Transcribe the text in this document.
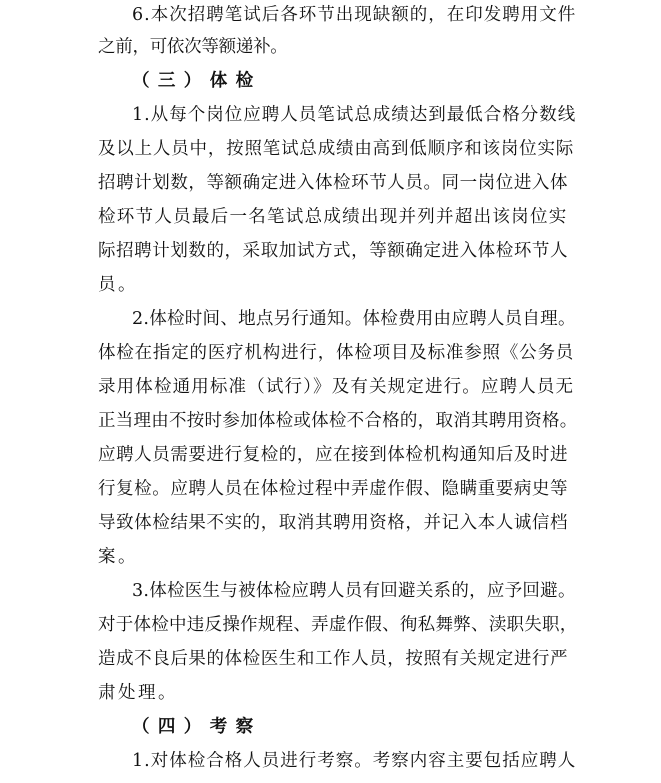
6.本次招聘笔试后各环节出现缺额的，在印发聘用文件
之前，可依次等额递补。
（三）体检
1.从每个岗位应聘人员笔试总成绩达到最低合格分数线
及以上人员中，按照笔试总成绩由高到低顺序和该岗位实际
招聘计划数，等额确定进入体检环节人员。同一岗位进入体
检环节人员最后一名笔试总成绩出现并列并超出该岗位实
际招聘计划数的，采取加试方式，等额确定进入体检环节人
员。
2.体检时间、地点另行通知。体检费用由应聘人员自理。
体检在指定的医疗机构进行，体检项目及标准参照《公务员
录用体检通用标准（试行）》及有关规定进行。应聘人员无
正当理由不按时参加体检或体检不合格的，取消其聘用资格。
应聘人员需要进行复检的，应在接到体检机构通知后及时进
行复检。应聘人员在体检过程中弄虚作假、隐瞒重要病史等
导致体检结果不实的，取消其聘用资格，并记入本人诚信档
案。
3.体检医生与被体检应聘人员有回避关系的，应予回避。
对于体检中违反操作规程、弄虚作假、徇私舞弊、渎职失职，
造成不良后果的体检医生和工作人员，按照有关规定进行严
肃处理。
（四）考察
1.对体检合格人员进行考察。考察内容主要包括应聘人
